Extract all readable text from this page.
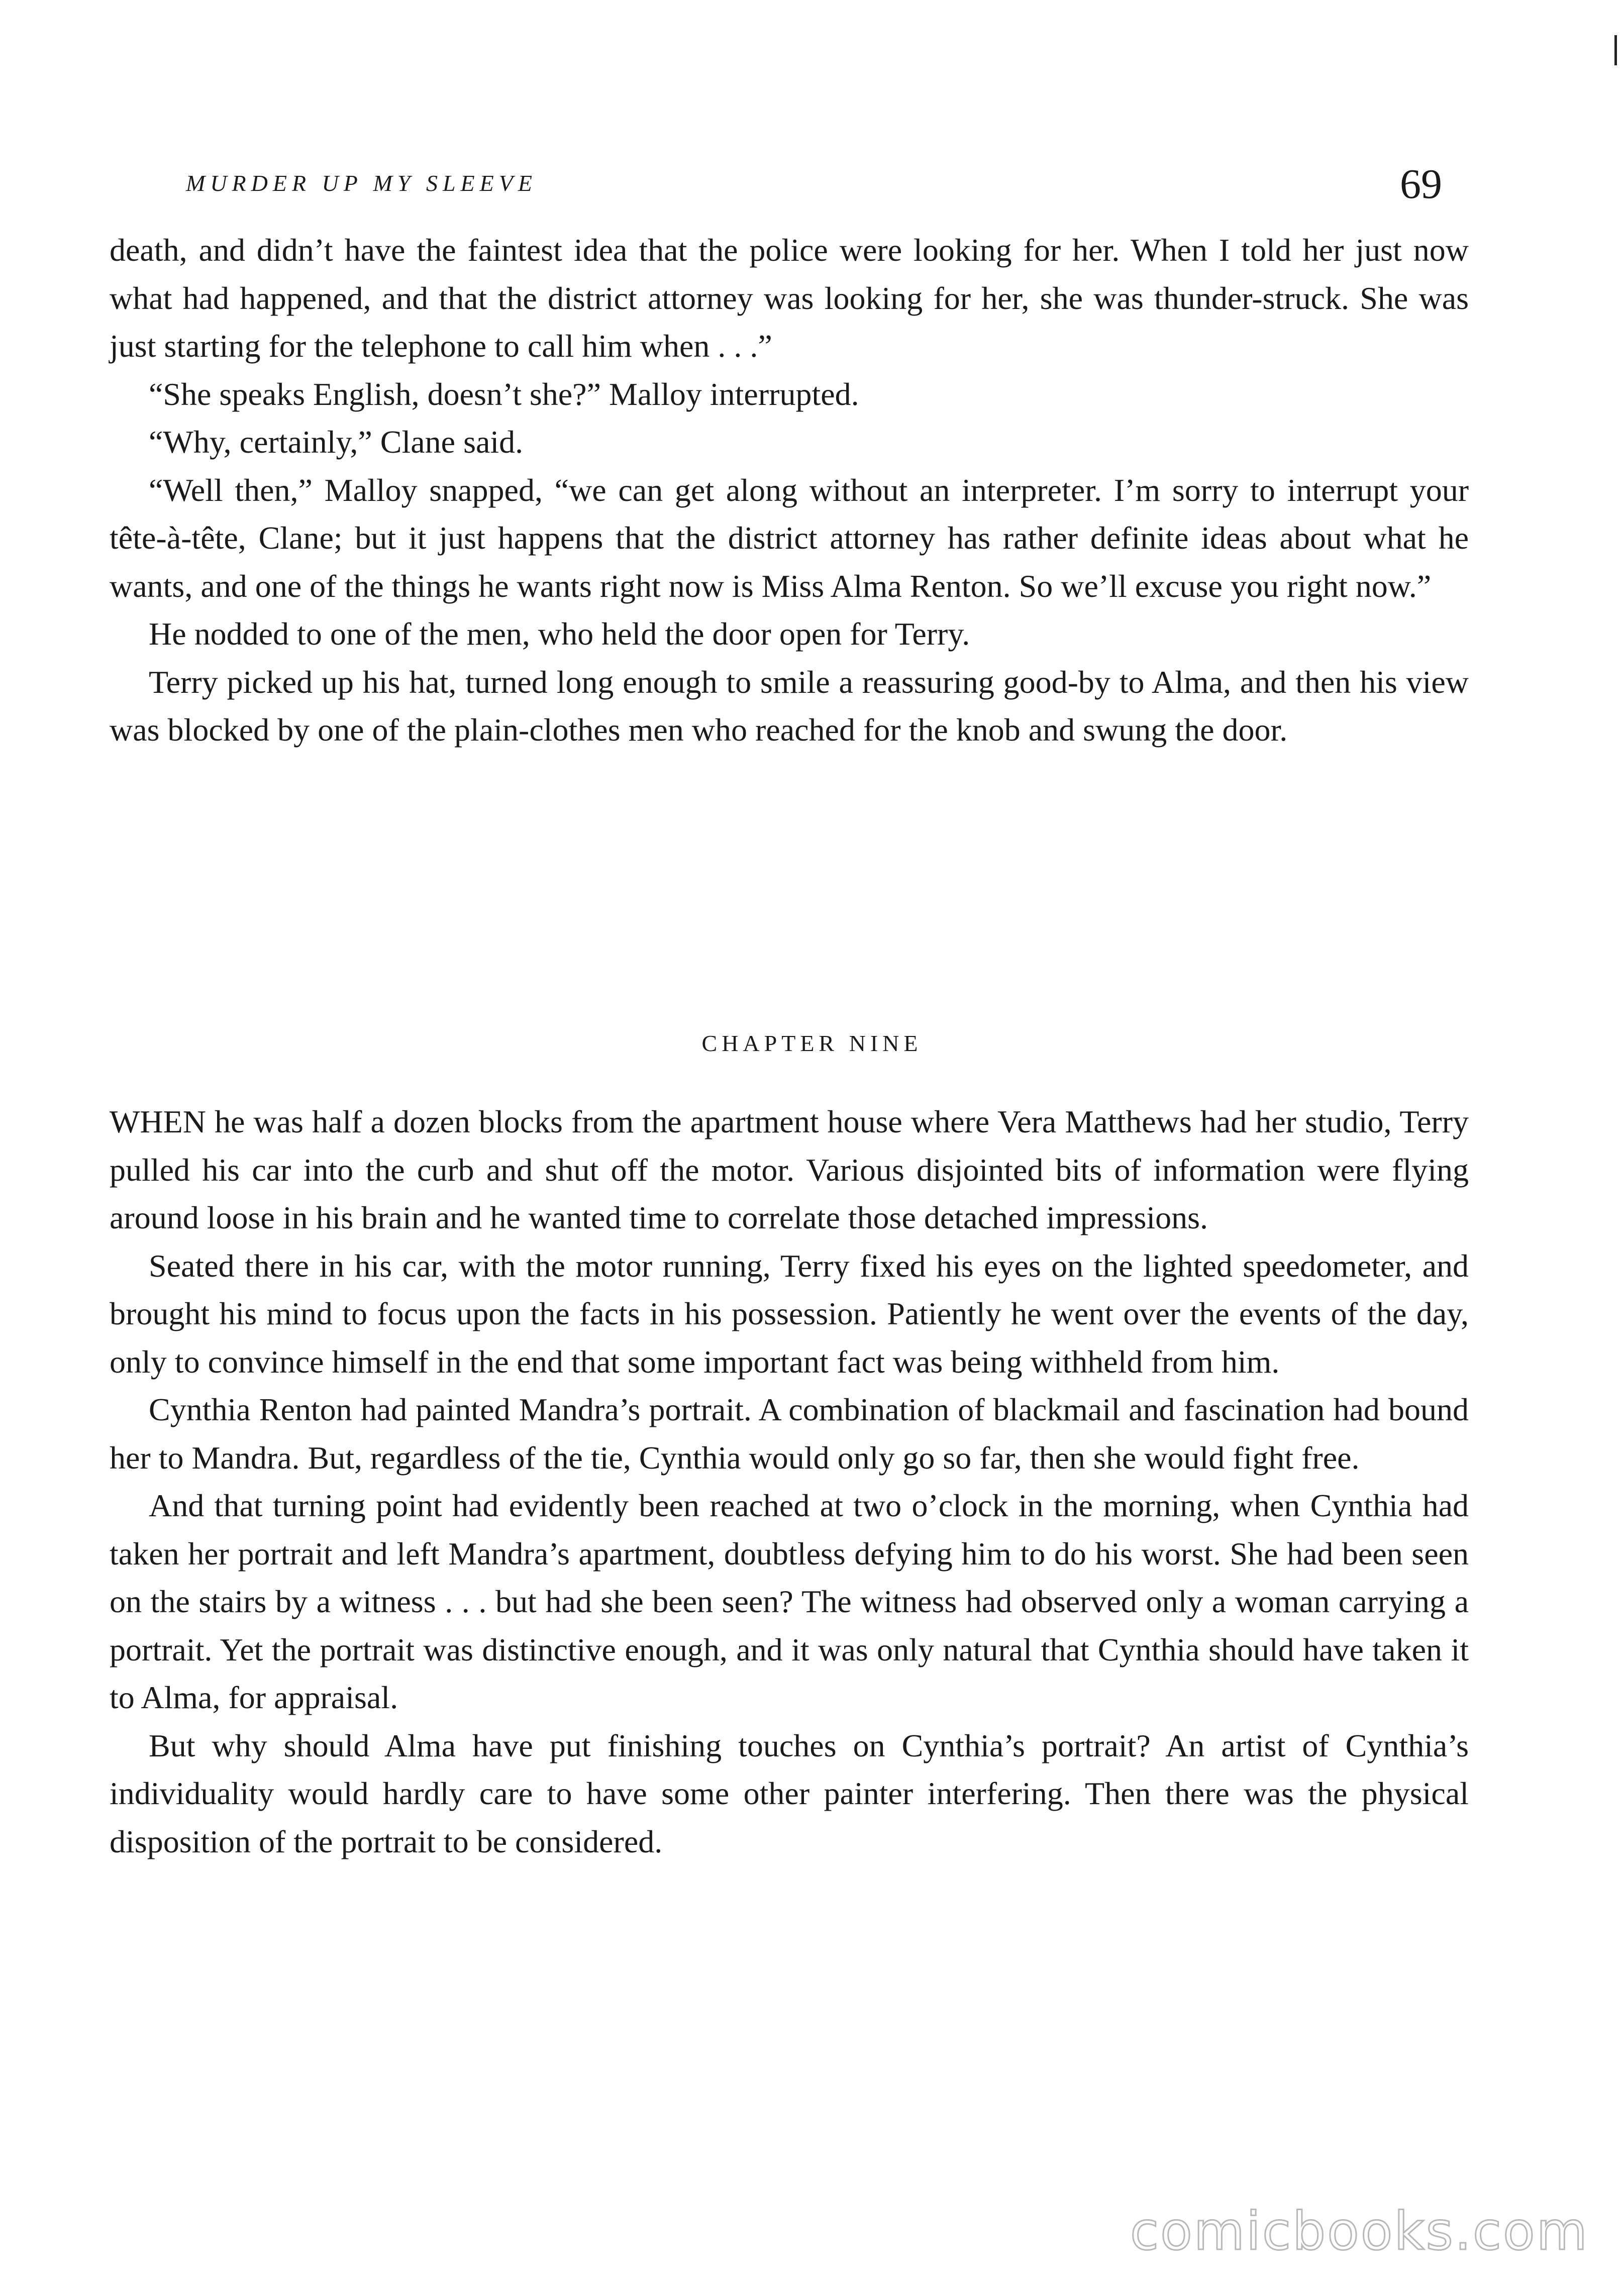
MURDER UP MY SLEEVE	69

death, and didn’t have the faintest idea that the police were looking for her. When I told her just now what had happened, and that the district attorney was looking for her, she was thunder-struck. She was just starting for the telephone to call him when . . .”

“She speaks English, doesn’t she?” Malloy interrupted.

“Why, certainly,” Clane said.

“Well then,” Malloy snapped, “we can get along without an interpreter. I’m sorry to interrupt your tête-à-tête, Clane; but it just happens that the district attorney has rather definite ideas about what he wants, and one of the things he wants right now is Miss Alma Renton. So we’ll excuse you right now.”

He nodded to one of the men, who held the door open for Terry.

Terry picked up his hat, turned long enough to smile a reassuring good-by to Alma, and then his view was blocked by one of the plain-clothes men who reached for the knob and swung the door.

CHAPTER NINE

WHEN he was half a dozen blocks from the apartment house where Vera Matthews had her studio, Terry pulled his car into the curb and shut off the motor. Various disjointed bits of information were flying around loose in his brain and he wanted time to correlate those detached impressions.

Seated there in his car, with the motor running, Terry fixed his eyes on the lighted speedometer, and brought his mind to focus upon the facts in his possession. Patiently he went over the events of the day, only to convince himself in the end that some important fact was being withheld from him.

Cynthia Renton had painted Mandra’s portrait. A combination of blackmail and fascination had bound her to Mandra. But, regardless of the tie, Cynthia would only go so far, then she would fight free.

And that turning point had evidently been reached at two o’clock in the morning, when Cynthia had taken her portrait and left Mandra’s apartment, doubtless defying him to do his worst. She had been seen on the stairs by a witness . . . but had she been seen? The witness had observed only a woman carrying a portrait. Yet the portrait was distinctive enough, and it was only natural that Cynthia should have taken it to Alma, for appraisal.

But why should Alma have put finishing touches on Cynthia’s portrait? An artist of Cynthia’s individuality would hardly care to have some other painter interfering. Then there was the physical disposition of the portrait to be considered.

comicbooks.com
